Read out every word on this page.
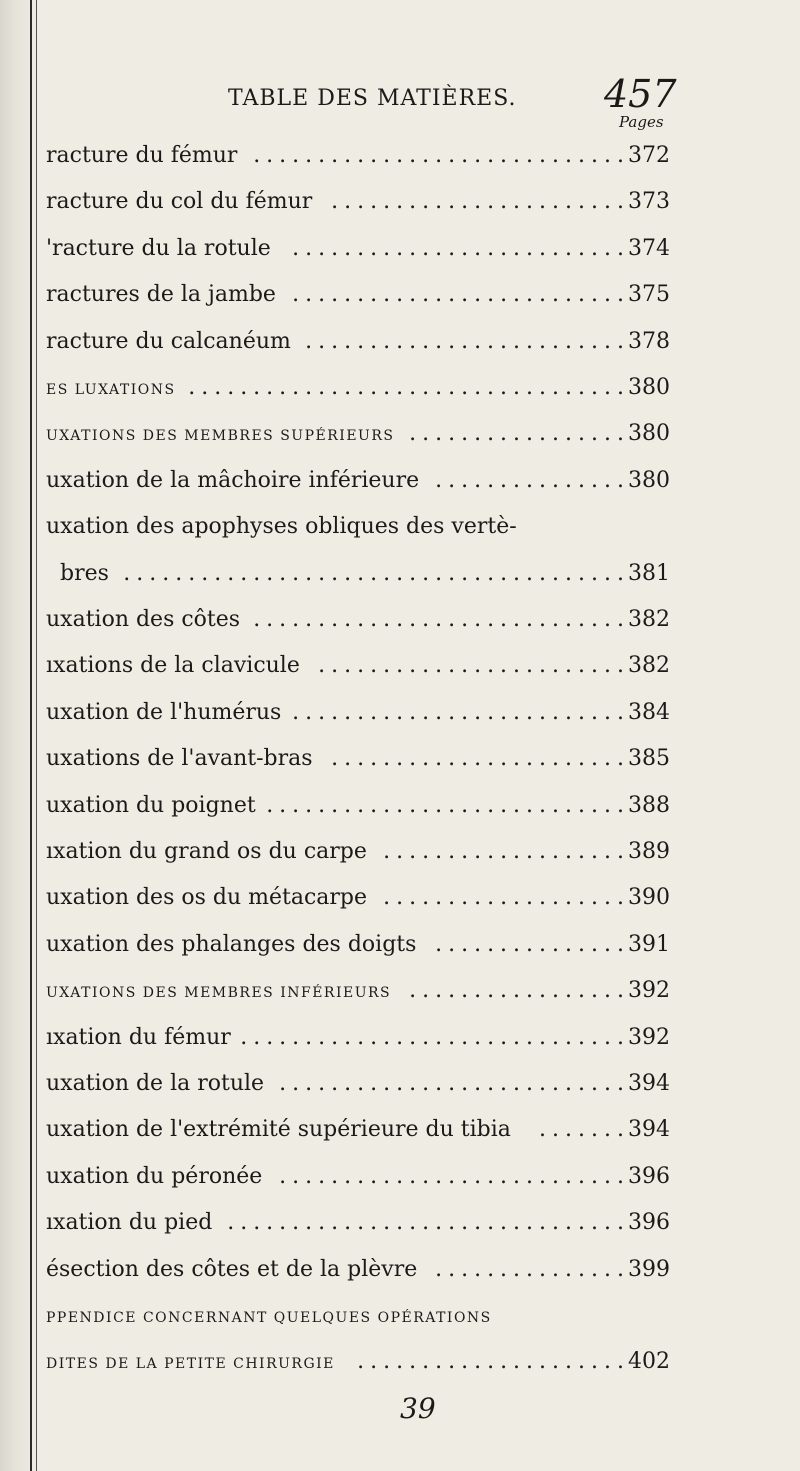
TABLE DES MATIÈRES. 457
Pages
racture du fémur .............................
372
racture du col du fémur .......................
373
'racture du la rotule ..........................
374
ractures de la jambe ..........................
375
racture du calcanéum .........................
378
ES LUXATIONS ..................................
380
UXATIONS DES MEMBRES SUPÉRIEURS .................
380
uxation de la mâchoire inférieure ...............
380
uxation des apophyses obliques des vertè-
bres .......................................
381
uxation des côtes .............................
382
ıxations de la clavicule ........................
382
uxation de l'humérus ..........................
384
uxations de l'avant-bras .......................
385
uxation du poignet ............................
388
ıxation du grand os du carpe ...................
389
uxation des os du métacarpe ...................
390
uxation des phalanges des doigts ...............
391
UXATIONS DES MEMBRES INFÉRIEURS .................
392
ıxation du fémur ..............................
392
uxation de la rotule ...........................
394
uxation de l'extrémité supérieure du tibia .......
394
uxation du péronée ...........................
396
ıxation du pied ...............................
396
ésection des côtes et de la plèvre ...............
399
PPENDICE CONCERNANT QUELQUES OPÉRATIONS
DITES DE LA PETITE CHIRURGIE .....................
402
39
